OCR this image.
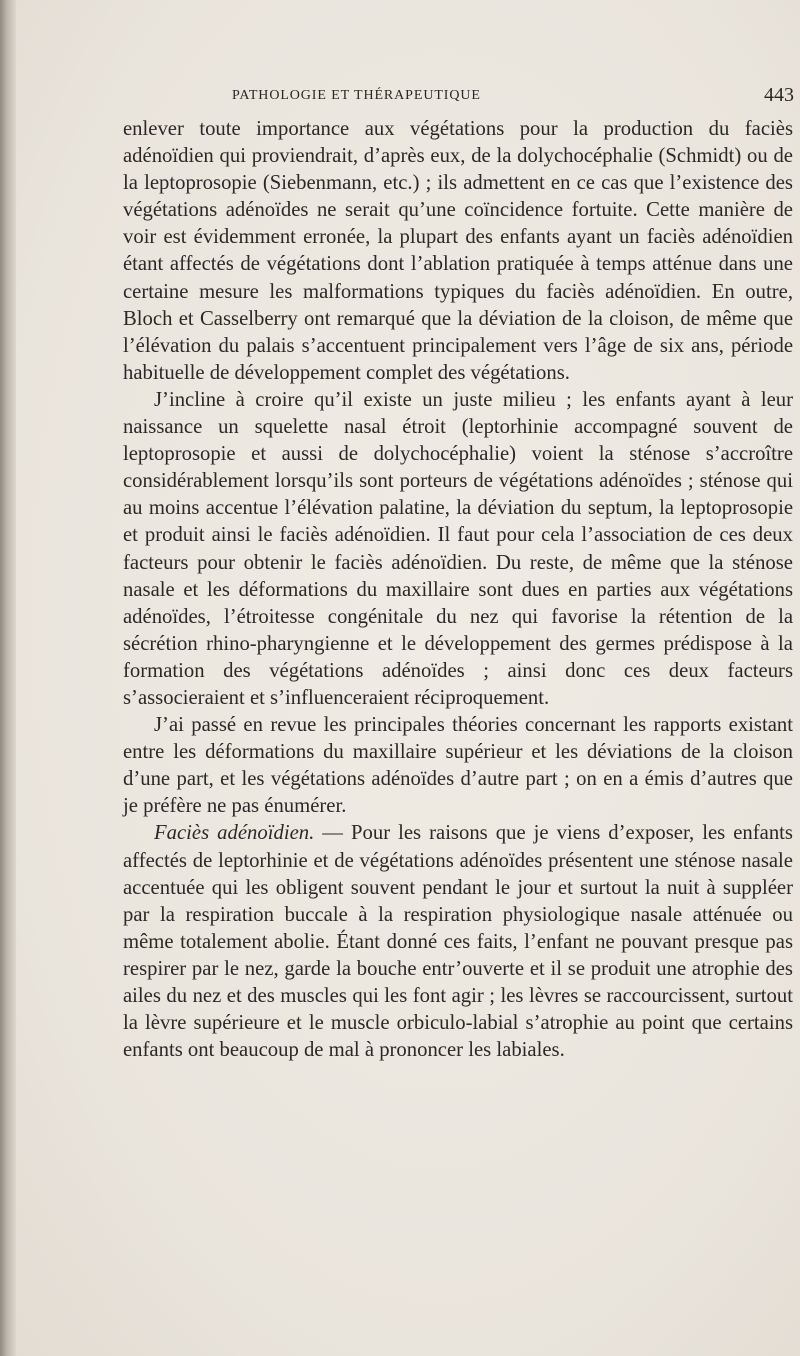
PATHOLOGIE ET THÉRAPEUTIQUE	443

enlever toute importance aux végétations pour la production du faciès adénoïdien qui proviendrait, d’après eux, de la dolychocéphalie (Schmidt) ou de la leptoprosopie (Siebenmann, etc.) ; ils admettent en ce cas que l’existence des végétations adénoïdes ne serait qu’une coïncidence fortuite. Cette manière de voir est évidemment erronée, la plupart des enfants ayant un faciès adénoïdien étant affectés de végétations dont l’ablation pratiquée à temps atténue dans une certaine mesure les malformations typiques du faciès adénoïdien. En outre, Bloch et Casselberry ont remarqué que la déviation de la cloison, de même que l’élévation du palais s’accentuent principalement vers l’âge de six ans, période habituelle de développement complet des végétations.

J’incline à croire qu’il existe un juste milieu ; les enfants ayant à leur naissance un squelette nasal étroit (leptorhinie accompagné souvent de leptoprosopie et aussi de dolychocéphalie) voient la sténose s’accroître considérablement lorsqu’ils sont porteurs de végétations adénoïdes ; sténose qui au moins accentue l’élévation palatine, la déviation du septum, la leptoprosopie et produit ainsi le faciès adénoïdien. Il faut pour cela l’association de ces deux facteurs pour obtenir le faciès adénoïdien. Du reste, de même que la sténose nasale et les déformations du maxillaire sont dues en parties aux végétations adénoïdes, l’étroitesse congénitale du nez qui favorise la rétention de la sécrétion rhino-pharyngienne et le développement des germes prédispose à la formation des végétations adénoïdes ; ainsi donc ces deux facteurs s’associeraient et s’influenceraient réciproquement.

J’ai passé en revue les principales théories concernant les rapports existant entre les déformations du maxillaire supérieur et les déviations de la cloison d’une part, et les végétations adénoïdes d’autre part ; on en a émis d’autres que je préfère ne pas énumérer.

Faciès adénoïdien. — Pour les raisons que je viens d’exposer, les enfants affectés de leptorhinie et de végétations adénoïdes présentent une sténose nasale accentuée qui les obligent souvent pendant le jour et surtout la nuit à suppléer par la respiration buccale à la respiration physiologique nasale atténuée ou même totalement abolie. Étant donné ces faits, l’enfant ne pouvant presque pas respirer par le nez, garde la bouche entr’ouverte et il se produit une atrophie des ailes du nez et des muscles qui les font agir ; les lèvres se raccourcissent, surtout la lèvre supérieure et le muscle orbiculo-labial s’atrophie au point que certains enfants ont beaucoup de mal à prononcer les labiales.
